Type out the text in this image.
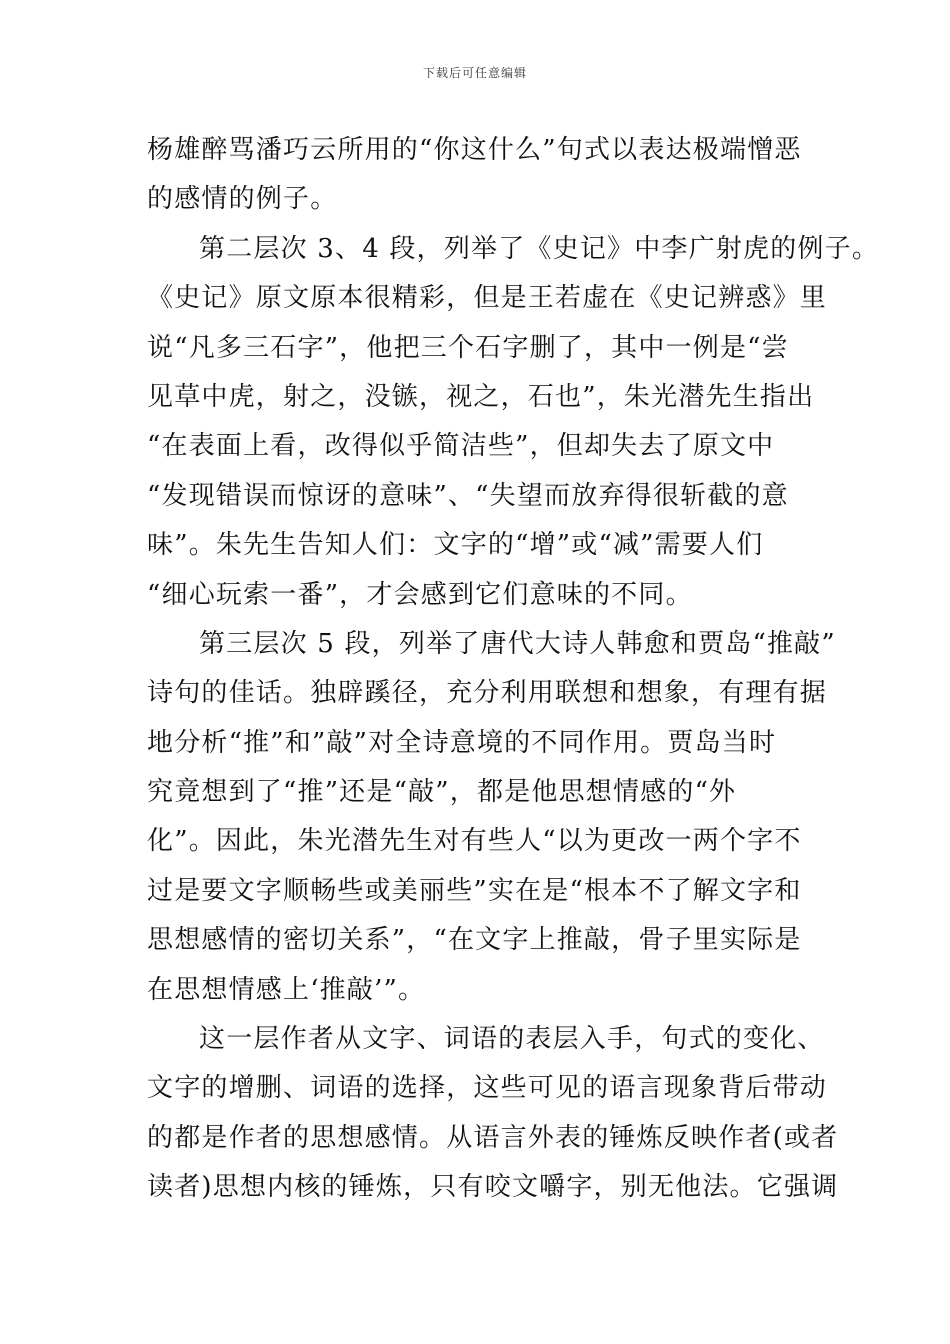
下载后可任意编辑
杨雄醉骂潘巧云所用的“你这什么”句式以表达极端憎恶
的感情的例子。
第二层次 3、4 段，列举了《史记》中李广射虎的例子。
《史记》原文原本很精彩，但是王若虚在《史记辨惑》里
说“凡多三石字”，他把三个石字删了，其中一例是“尝
见草中虎，射之，没镞，视之，石也”，朱光潜先生指出
“在表面上看，改得似乎简洁些”，但却失去了原文中
“发现错误而惊讶的意味”、“失望而放弃得很斩截的意
味”。朱先生告知人们：文字的“增”或“减”需要人们
“细心玩索一番”，才会感到它们意味的不同。
第三层次 5 段，列举了唐代大诗人韩愈和贾岛“推敲”
诗句的佳话。独辟蹊径，充分利用联想和想象，有理有据
地分析“推”和”敲”对全诗意境的不同作用。贾岛当时
究竟想到了“推”还是“敲”，都是他思想情感的“外
化”。因此，朱光潜先生对有些人“以为更改一两个字不
过是要文字顺畅些或美丽些”实在是“根本不了解文字和
思想感情的密切关系”，“在文字上推敲，骨子里实际是
在思想情感上‘推敲’”。
这一层作者从文字、词语的表层入手，句式的变化、
文字的增删、词语的选择，这些可见的语言现象背后带动
的都是作者的思想感情。从语言外表的锤炼反映作者(或者
读者)思想内核的锤炼，只有咬文嚼字，别无他法。它强调
